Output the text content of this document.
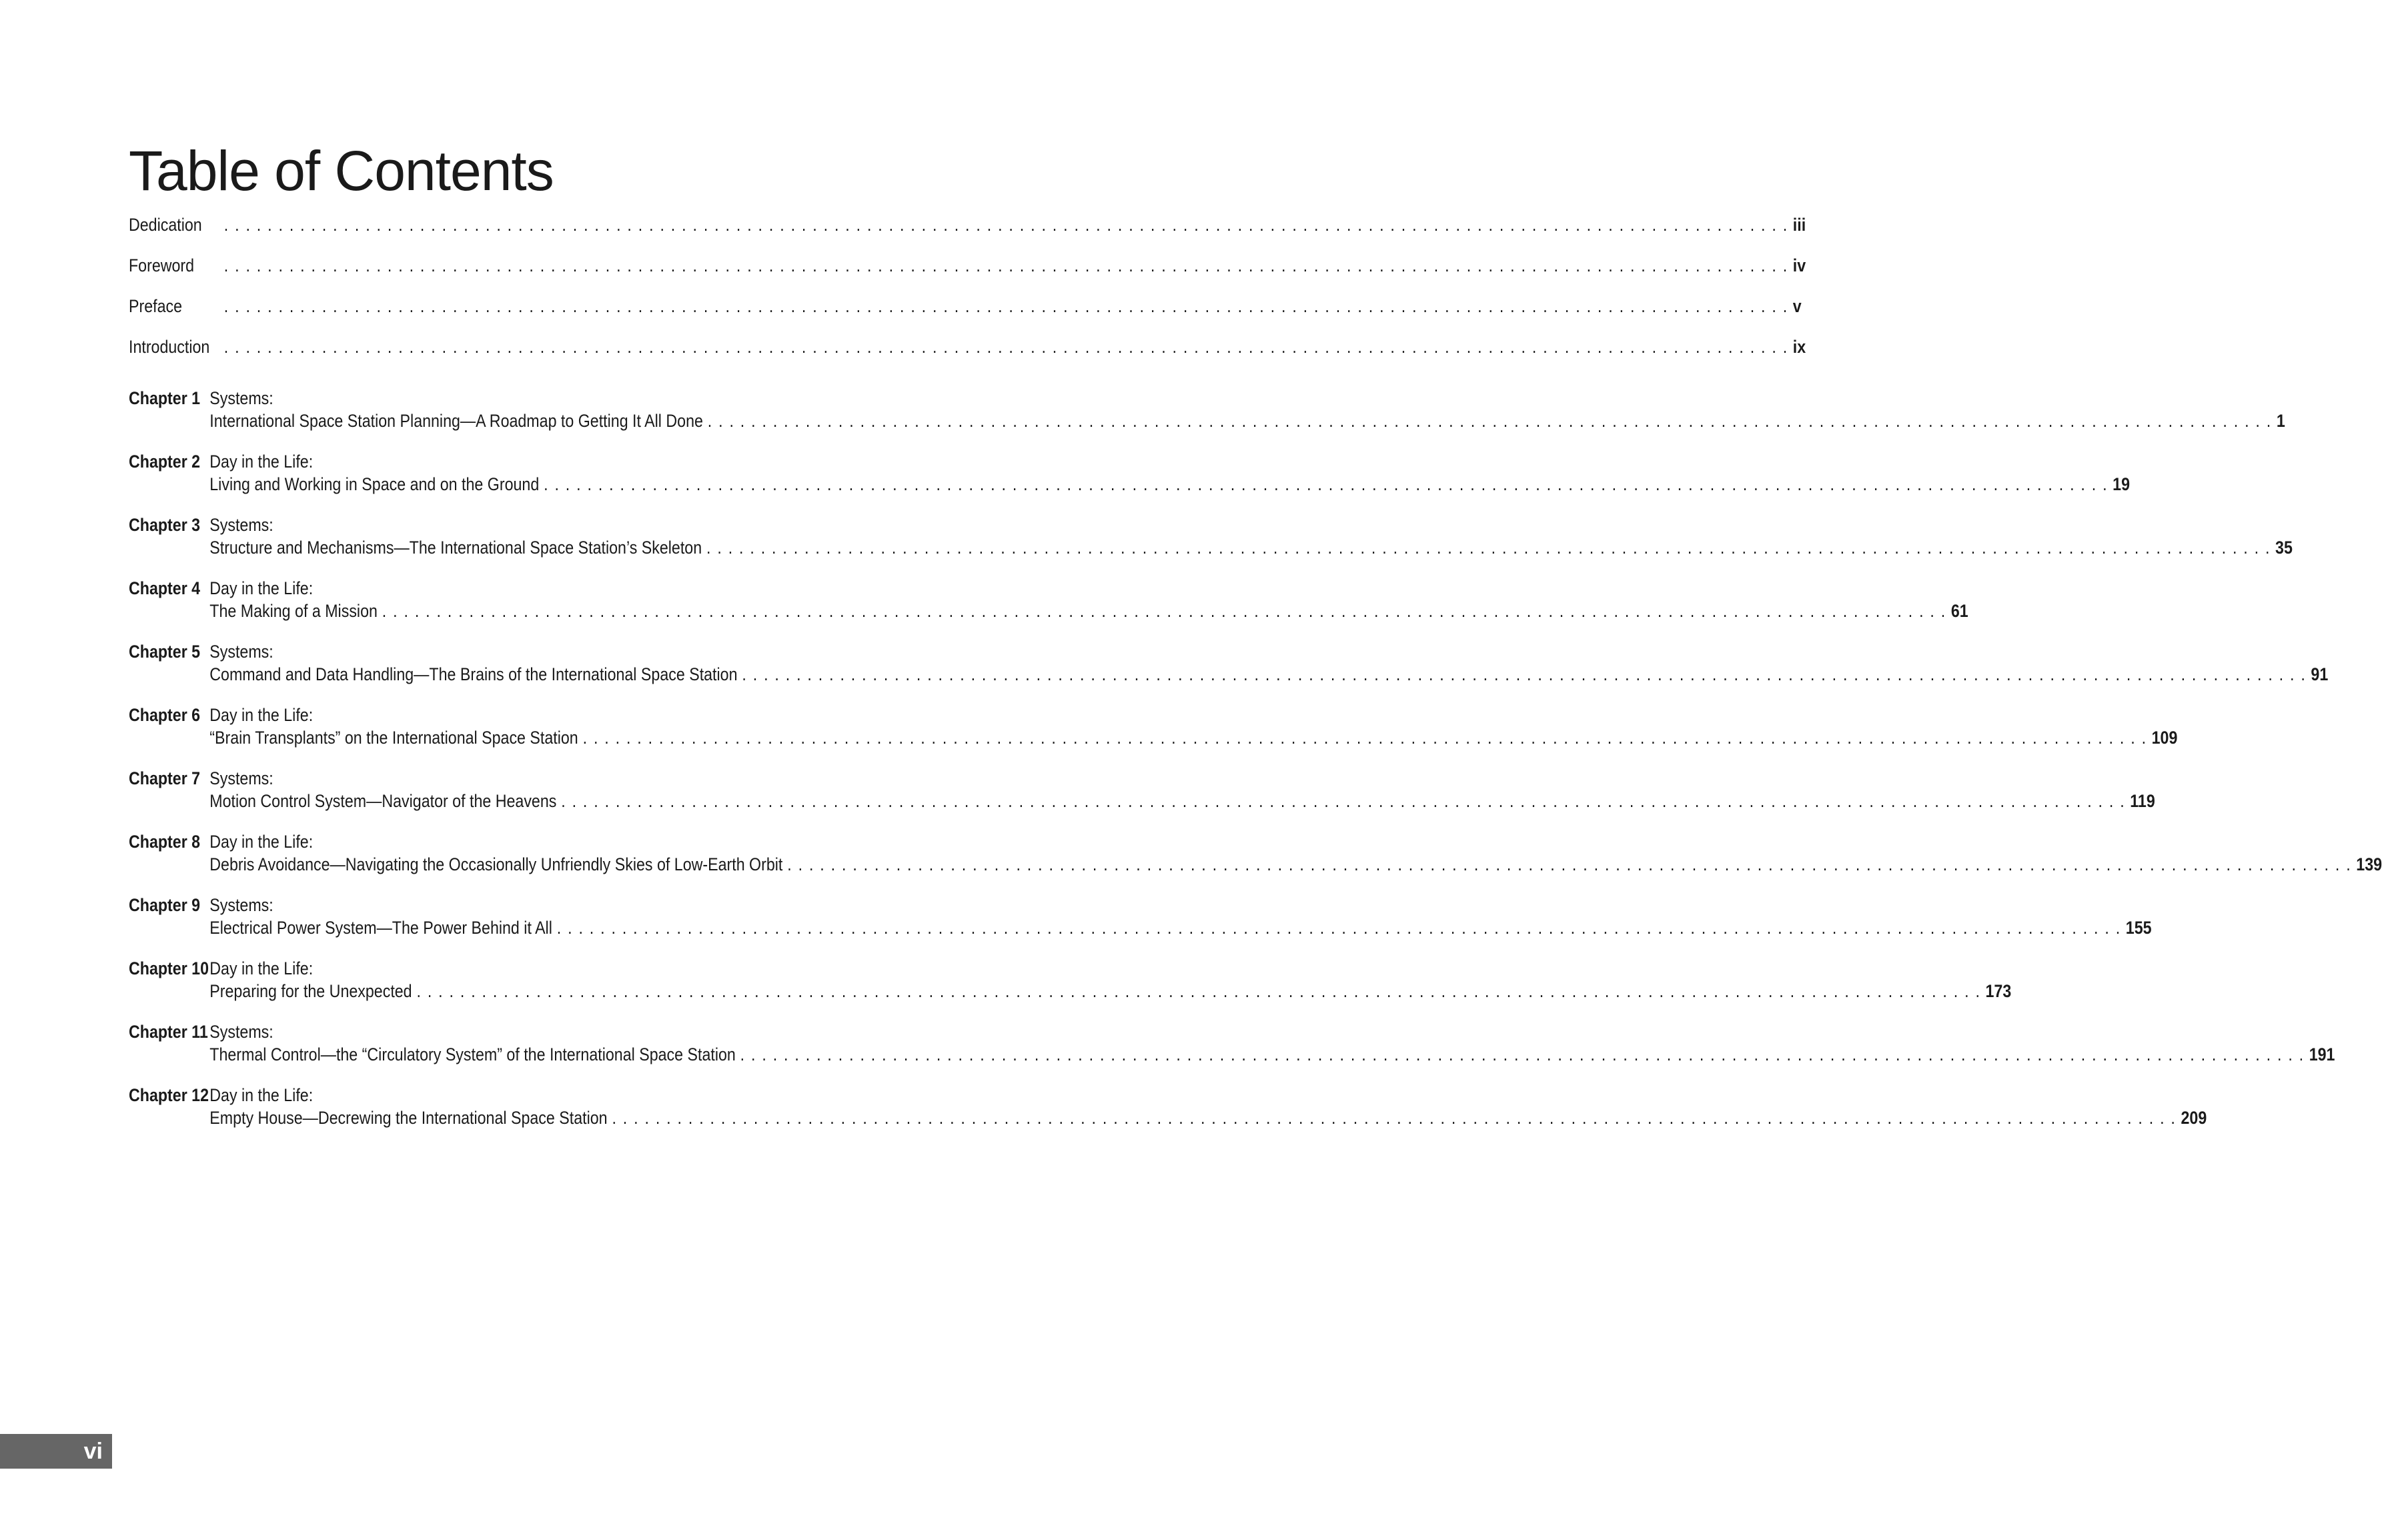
Table of Contents
Dedication . . .	iii
Foreword . . .	iv
Preface . . .	v
Introduction . . .	ix
Chapter 1 Systems:
International Space Station Planning—A Roadmap to Getting It All Done . . .	1
Chapter 2 Day in the Life:
Living and Working in Space and on the Ground . . .	19
Chapter 3 Systems:
Structure and Mechanisms—The International Space Station’s Skeleton . . .	35
Chapter 4 Day in the Life:
The Making of a Mission . . .	61
Chapter 5 Systems:
Command and Data Handling—The Brains of the International Space Station . . .	91
Chapter 6 Day in the Life:
“Brain Transplants” on the International Space Station . . .	109
Chapter 7 Systems:
Motion Control System—Navigator of the Heavens . . .	119
Chapter 8 Day in the Life:
Debris Avoidance—Navigating the Occasionally Unfriendly Skies of Low-Earth Orbit . . .	139
Chapter 9 Systems:
Electrical Power System—The Power Behind it All . . .	155
Chapter 10 Day in the Life:
Preparing for the Unexpected . . .	173
Chapter 11 Systems:
Thermal Control—the “Circulatory System” of the International Space Station . . .	191
Chapter 12 Day in the Life:
Empty House—Decrewing the International Space Station . . .	209
vi
